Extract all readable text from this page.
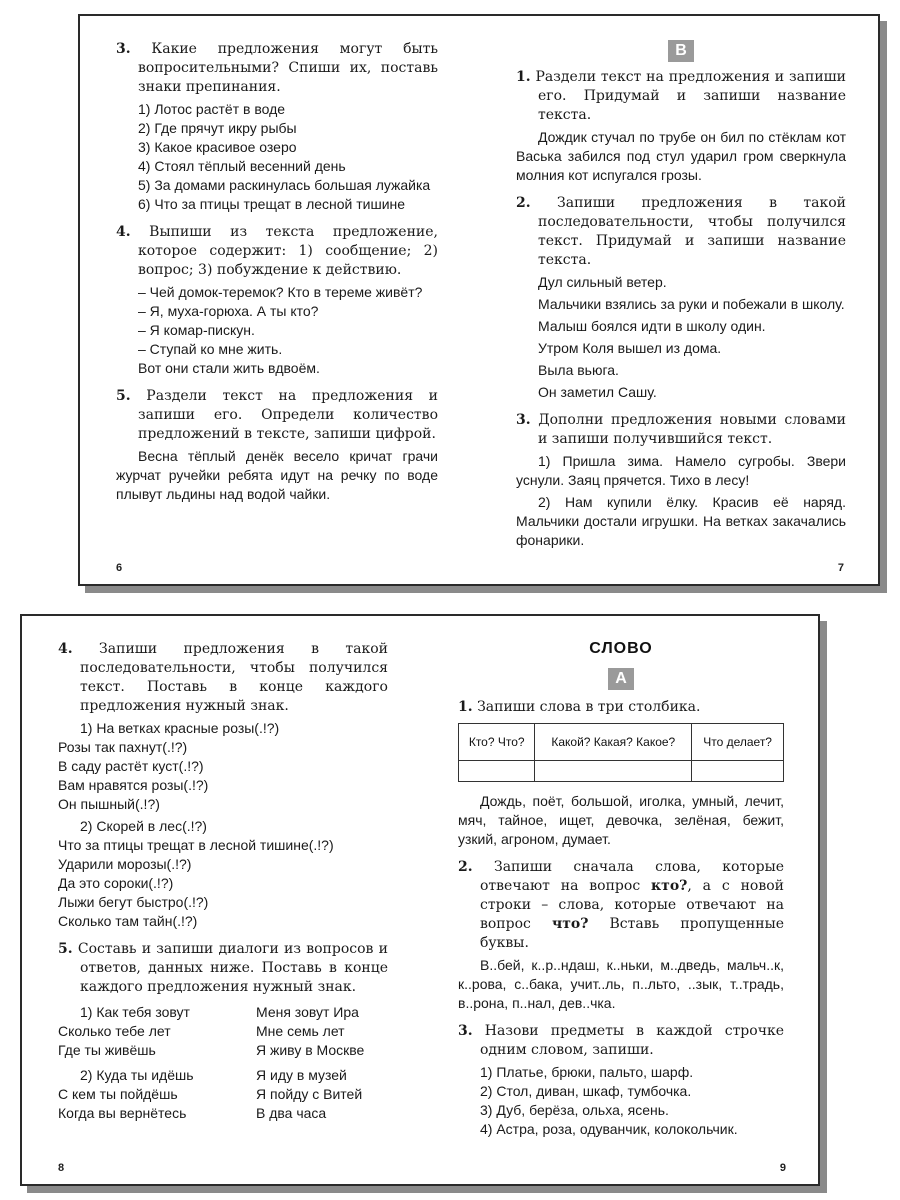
3. Какие предложения могут быть вопросительными? Спиши их, поставь знаки препинания.
1) Лотос растёт в воде
2) Где прячут икру рыбы
3) Какое красивое озеро
4) Стоял тёплый весенний день
5) За домами раскинулась большая лужайка
6) Что за птицы трещат в лесной тишине
4. Выпиши из текста предложение, которое содержит: 1) сообщение; 2) вопрос; 3) побуждение к действию.
– Чей домок-теремок? Кто в тереме живёт?
– Я, муха-горюха. А ты кто?
– Я комар-пискун.
– Ступай ко мне жить.
Вот они стали жить вдвоём.
5. Раздели текст на предложения и запиши его. Определи количество предложений в тексте, запиши цифрой.
Весна тёплый денёк весело кричат грачи журчат ручейки ребята идут на речку по воде плывут льдины над водой чайки.
6
В
1. Раздели текст на предложения и запиши его. Придумай и запиши название текста.
Дождик стучал по трубе он бил по стёклам кот Васька забился под стул ударил гром сверкнула молния кот испугался грозы.
2. Запиши предложения в такой последовательности, чтобы получился текст. Придумай и запиши название текста.
Дул сильный ветер.
Мальчики взялись за руки и побежали в школу.
Малыш боялся идти в школу один.
Утром Коля вышел из дома.
Выла вьюга.
Он заметил Сашу.
3. Дополни предложения новыми словами и запиши получившийся текст.
1) Пришла зима. Намело сугробы. Звери уснули. Заяц прячется. Тихо в лесу!
2) Нам купили ёлку. Красив её наряд. Мальчики достали игрушки. На ветках закачались фонарики.
7
4. Запиши предложения в такой последовательности, чтобы получился текст. Поставь в конце каждого предложения нужный знак.
1) На ветках красные розы(.!?)
Розы так пахнут(.!?)
В саду растёт куст(.!?)
Вам нравятся розы(.!?)
Он пышный(.!?)
2) Скорей в лес(.!?)
Что за птицы трещат в лесной тишине(.!?)
Ударили морозы(.!?)
Да это сороки(.!?)
Лыжи бегут быстро(.!?)
Сколько там тайн(.!?)
5. Составь и запиши диалоги из вопросов и ответов, данных ниже. Поставь в конце каждого предложения нужный знак.
1) Как тебя зовут	Меня зовут Ира
Сколько тебе лет	Мне семь лет
Где ты живёшь	Я живу в Москве
2) Куда ты идёшь	Я иду в музей
С кем ты пойдёшь	Я пойду с Витей
Когда вы вернётесь	В два часа
8
СЛОВО
А
1. Запиши слова в три столбика.
Кто? Что?	Какой? Какая? Какое?	Что делает?

Дождь, поёт, большой, иголка, умный, лечит, мяч, тайное, ищет, девочка, зелёная, бежит, узкий, агроном, думает.
2. Запиши сначала слова, которые отвечают на вопрос кто?, а с новой строки – слова, которые отвечают на вопрос что? Вставь пропущенные буквы.
В..бей, к..р..ндаш, к..ньки, м..дведь, мальч..к, к..рова, с..бака, учит..ль, п..льто, ..зык, т..традь, в..рона, п..нал, дев..чка.
3. Назови предметы в каждой строчке одним словом, запиши.
1) Платье, брюки, пальто, шарф.
2) Стол, диван, шкаф, тумбочка.
3) Дуб, берёза, ольха, ясень.
4) Астра, роза, одуванчик, колокольчик.
9
